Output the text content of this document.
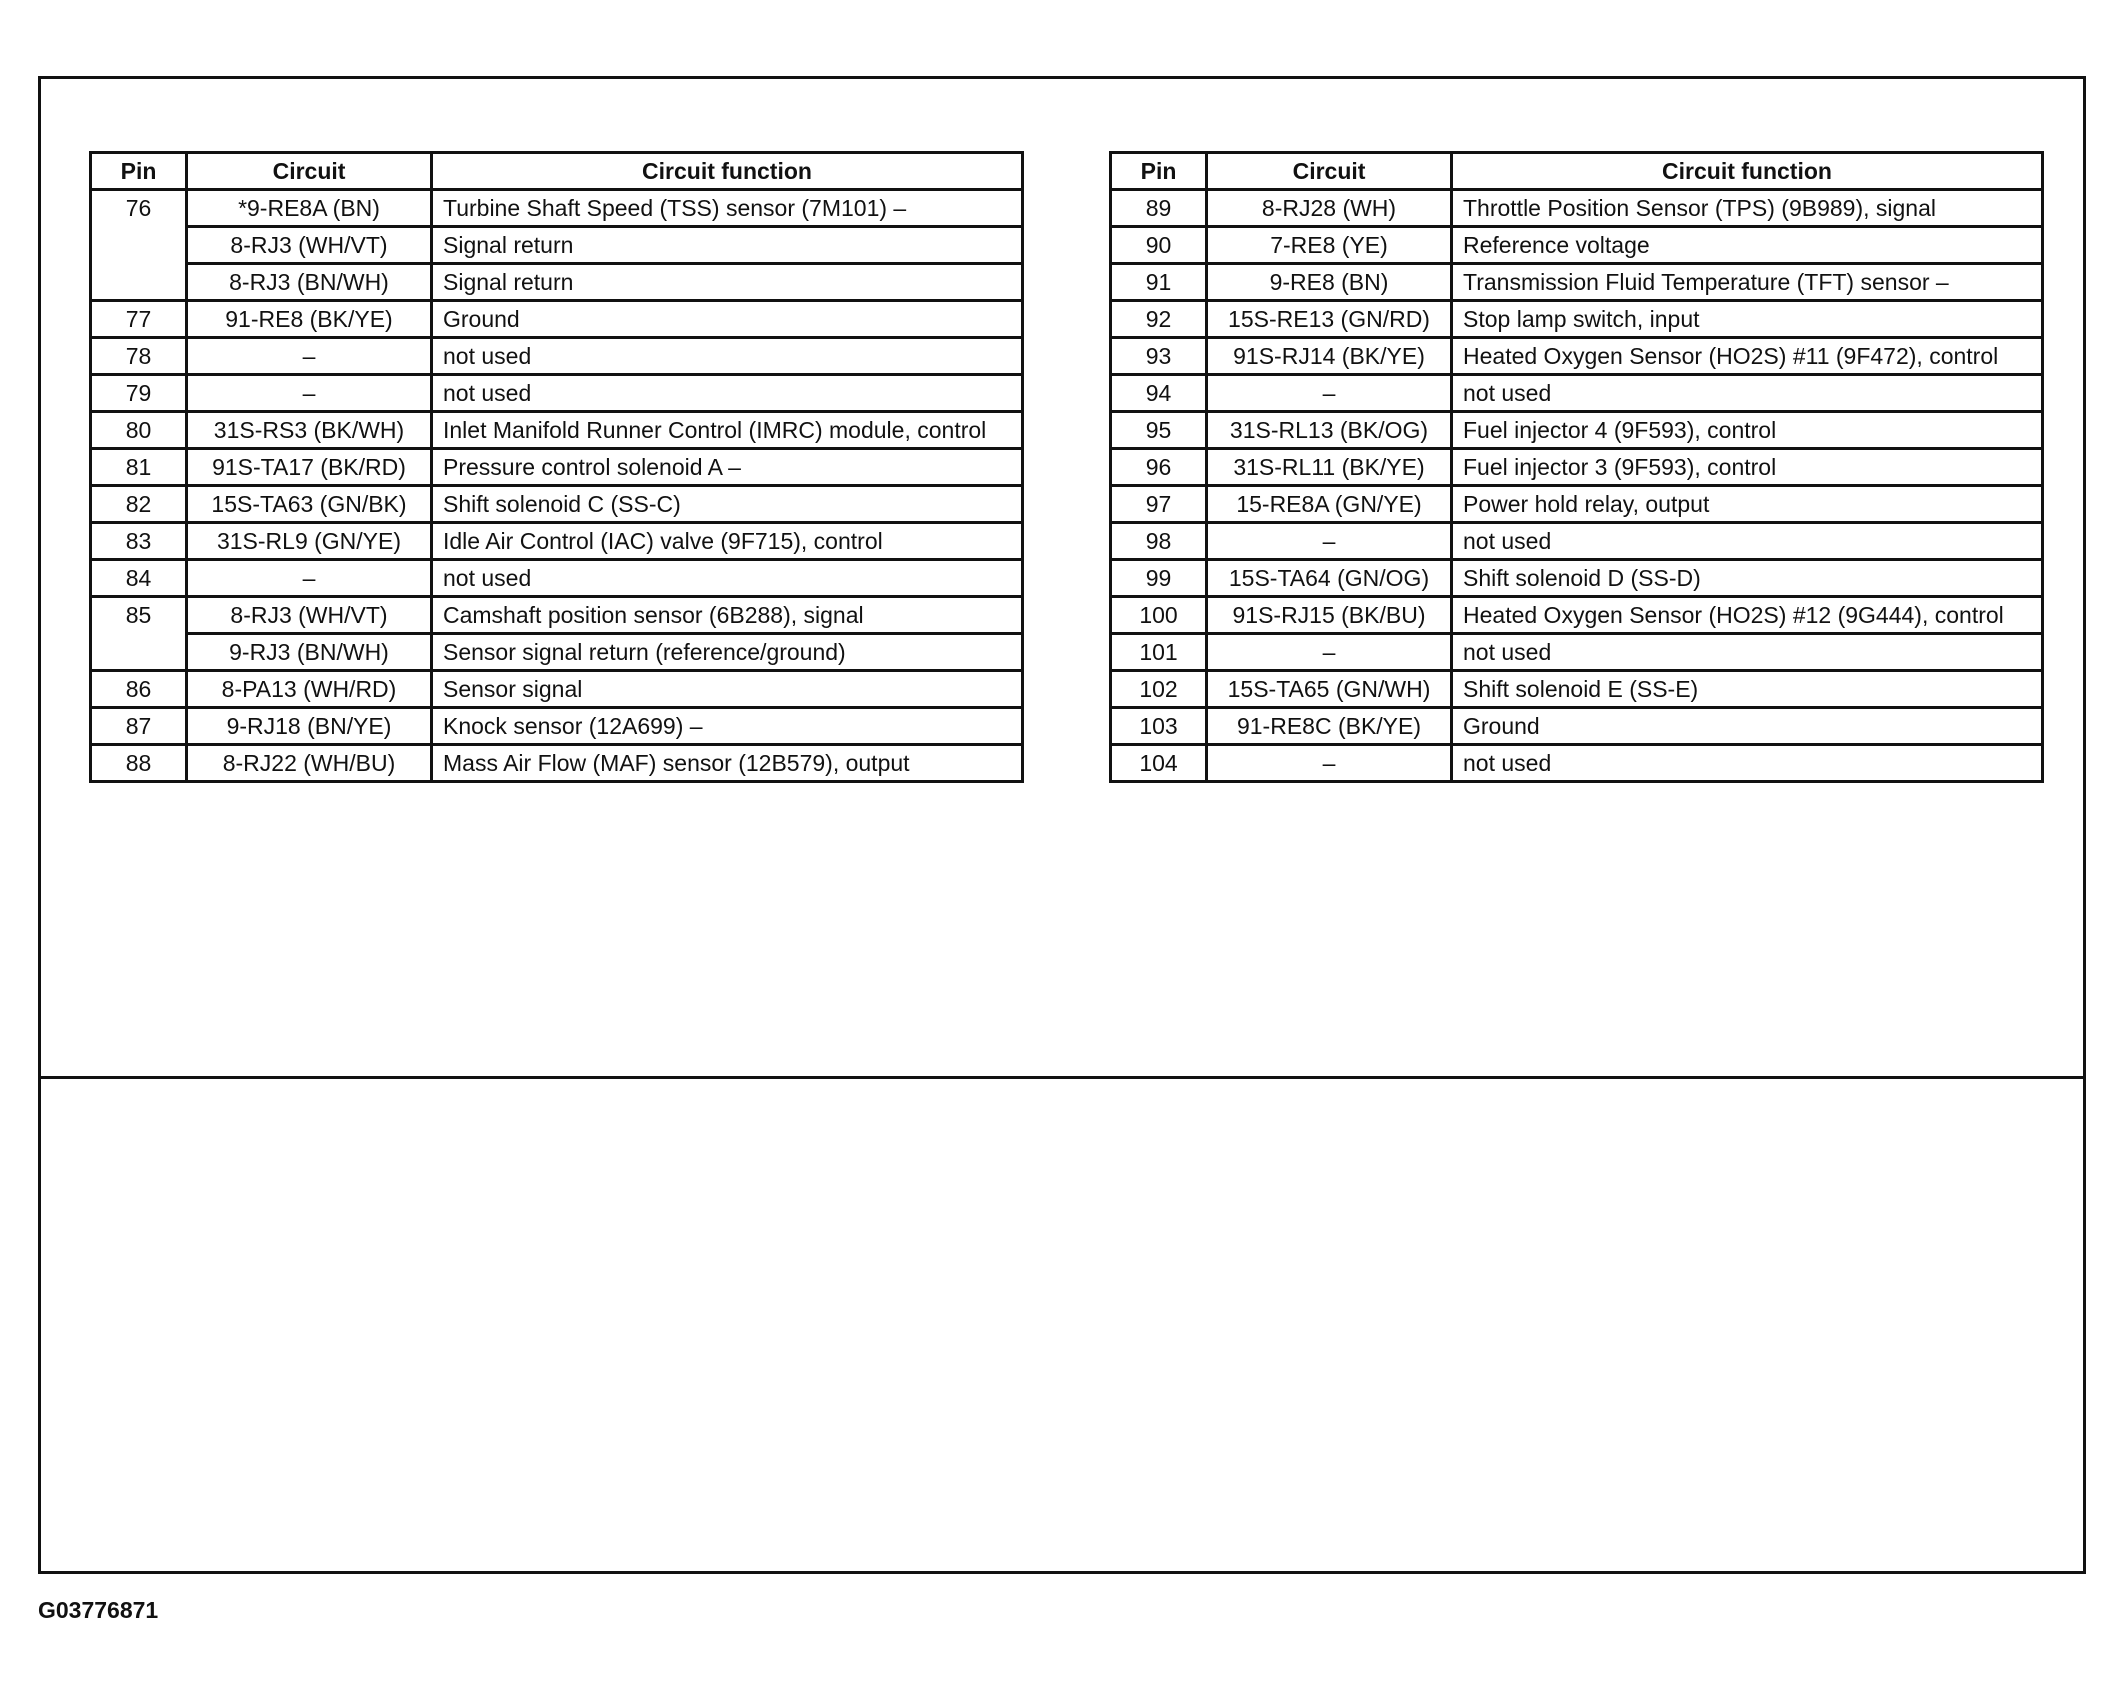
Pin	Circuit	Circuit function
76	*9-RE8A (BN)	Turbine Shaft Speed (TSS) sensor (7M101) –
	8-RJ3 (WH/VT)	Signal return
	8-RJ3 (BN/WH)	Signal return
77	91-RE8 (BK/YE)	Ground
78	–	not used
79	–	not used
80	31S-RS3 (BK/WH)	Inlet Manifold Runner Control (IMRC) module, control
81	91S-TA17 (BK/RD)	Pressure control solenoid A –
82	15S-TA63 (GN/BK)	Shift solenoid C (SS-C)
83	31S-RL9 (GN/YE)	Idle Air Control (IAC) valve (9F715), control
84	–	not used
85	8-RJ3 (WH/VT)	Camshaft position sensor (6B288), signal
	9-RJ3 (BN/WH)	Sensor signal return (reference/ground)
86	8-PA13 (WH/RD)	Sensor signal
87	9-RJ18 (BN/YE)	Knock sensor (12A699) –
88	8-RJ22 (WH/BU)	Mass Air Flow (MAF) sensor (12B579), output
Pin	Circuit	Circuit function
89	8-RJ28 (WH)	Throttle Position Sensor (TPS) (9B989), signal
90	7-RE8 (YE)	Reference voltage
91	9-RE8 (BN)	Transmission Fluid Temperature (TFT) sensor –
92	15S-RE13 (GN/RD)	Stop lamp switch, input
93	91S-RJ14 (BK/YE)	Heated Oxygen Sensor (HO2S) #11 (9F472), control
94	–	not used
95	31S-RL13 (BK/OG)	Fuel injector 4 (9F593), control
96	31S-RL11 (BK/YE)	Fuel injector 3 (9F593), control
97	15-RE8A (GN/YE)	Power hold relay, output
98	–	not used
99	15S-TA64 (GN/OG)	Shift solenoid D (SS-D)
100	91S-RJ15 (BK/BU)	Heated Oxygen Sensor (HO2S) #12 (9G444), control
101	–	not used
102	15S-TA65 (GN/WH)	Shift solenoid E (SS-E)
103	91-RE8C (BK/YE)	Ground
104	–	not used
G03776871
